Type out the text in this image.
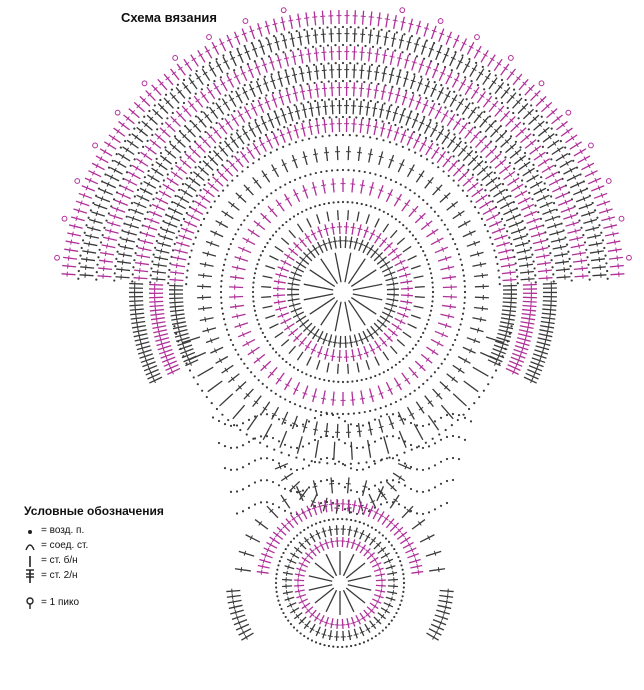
Схема вязания
Условные обозначения
= возд. п.
= соед. ст.
= ст. б/н
= ст. 2/н
= 1 пико
